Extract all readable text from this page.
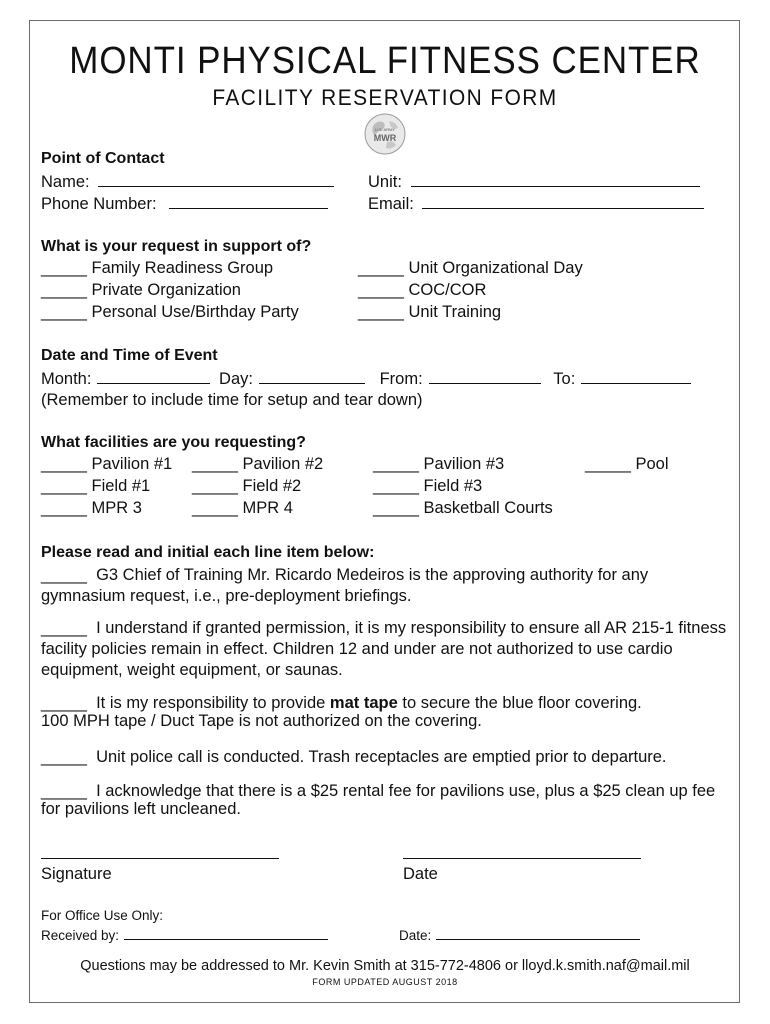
MONTI PHYSICAL FITNESS CENTER
FACILITY RESERVATION FORM
U.S. ARMY
MWR
Point of Contact
Name:	Unit:
Phone Number:	Email:
What is your request in support of?
_____ Family Readiness Group	_____ Unit Organizational Day
_____ Private Organization	_____ COC/COR
_____ Personal Use/Birthday Party	_____ Unit Training
Date and Time of Event
Month:	Day:	From:	To:
(Remember to include time for setup and tear down)
What facilities are you requesting?
_____ Pavilion #1 _____ Pavilion #2	_____ Pavilion #3	_____ Pool
_____ Field #1	_____ Field #2	_____ Field #3
_____ MPR 3	_____ MPR 4	_____ Basketball Courts
Please read and initial each line item below:
_____ G3 Chief of Training Mr. Ricardo Medeiros is the approving authority for any gymnasium request, i.e., pre-deployment briefings.
_____ I understand if granted permission, it is my responsibility to ensure all AR 215-1 fitness facility policies remain in effect. Children 12 and under are not authorized to use cardio equipment, weight equipment, or saunas.
_____ It is my responsibility to provide mat tape to secure the blue floor covering.
100 MPH tape / Duct Tape is not authorized on the covering.
_____ Unit police call is conducted. Trash receptacles are emptied prior to departure.
_____ I acknowledge that there is a $25 rental fee for pavilions use, plus a $25 clean up fee for pavilions left uncleaned.
Signature	Date
For Office Use Only:
Received by:	Date:
Questions may be addressed to Mr. Kevin Smith at 315-772-4806 or lloyd.k.smith.naf@mail.mil
FORM UPDATED AUGUST 2018
